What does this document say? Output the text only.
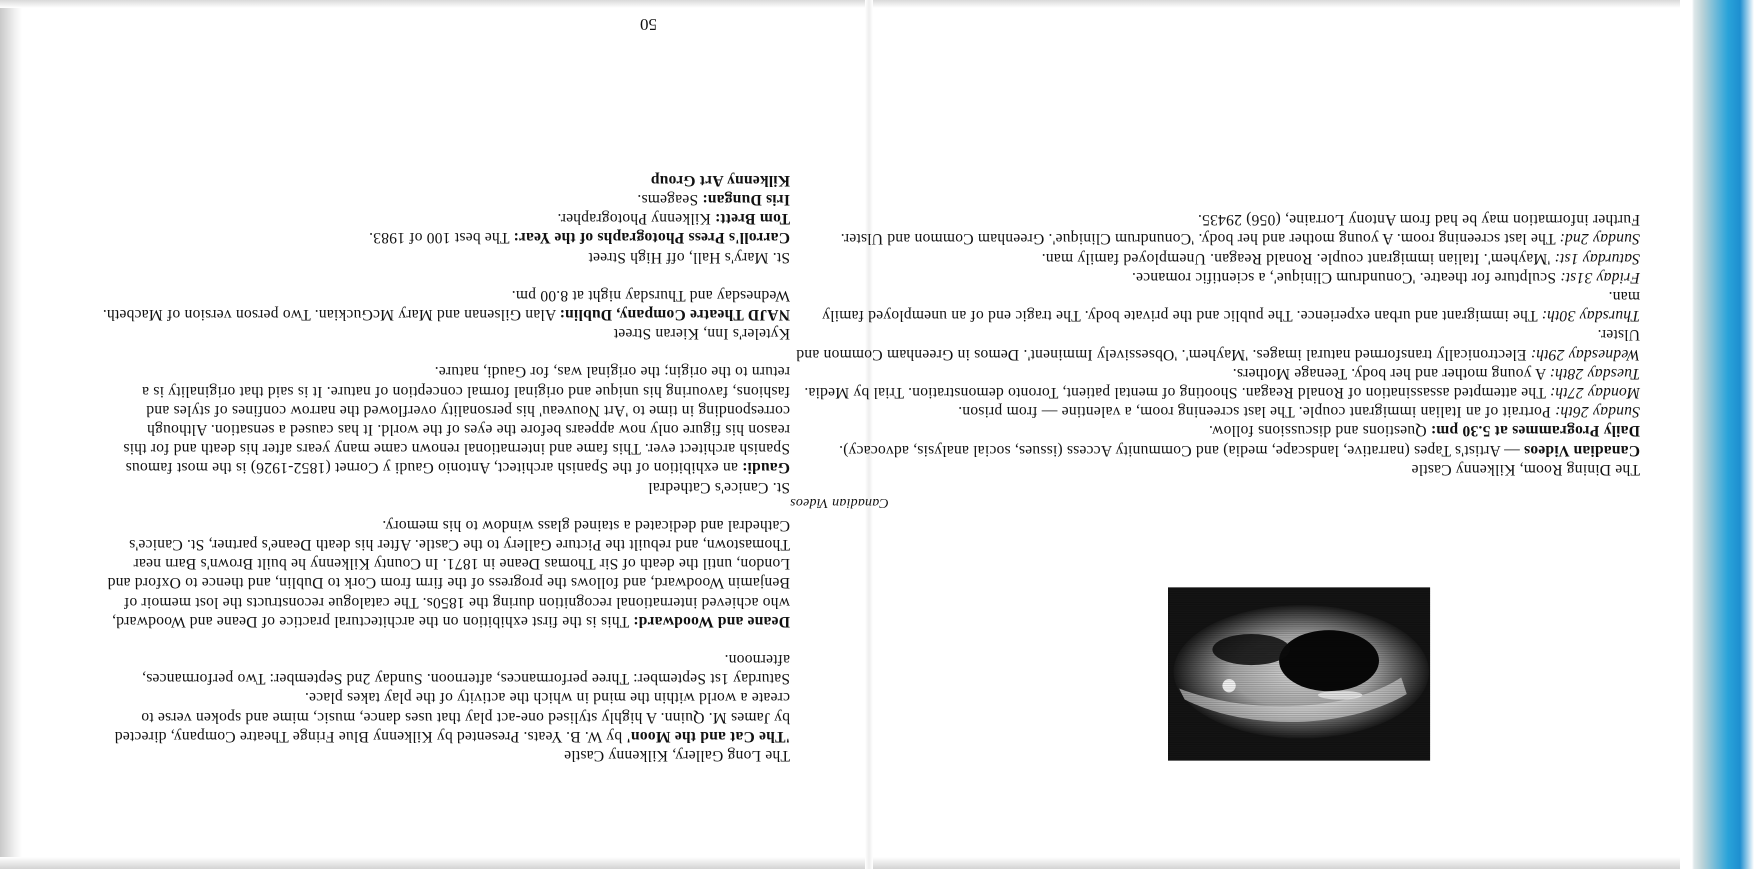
50

The Long Gallery, Kilkenny Castle
'The Cat and the Moon' by W. B. Yeats. Presented by Kilkenny Blue Fringe Theatre Company, directed by James M. Quinn. A highly stylised one-act play that uses dance, music, mime and spoken verse to create a world within the mind in which the activity of the play takes place.
Saturday 1st September: Three performances, afternoon. Sunday 2nd September: Two performances, afternoon.

Deane and Woodward: This is the first exhibition on the architectural practice of Deane and Woodward, who achieved international recognition during the 1850s. The catalogue reconstructs the lost memoir of Benjamin Woodward, and follows the progress of the firm from Cork to Dublin, and thence to Oxford and London, until the death of Sir Thomas Deane in 1871. In County Kilkenny he built Brown's Barn near Thomastown, and rebuilt the Picture Gallery to the Castle. After his death Deane's partner, St. Canice's Cathedral and dedicated a stained glass window to his memory.

St. Canice's Cathedral
Gaudi: an exhibition of the Spanish architect, Antonio Gaudi y Cornet (1852-1926) is the most famous Spanish architect ever. This fame and international renown came many years after his death and for this reason his figure only now appears before the eyes of the world. It has caused a sensation. Although corresponding in time to 'Art Nouveau' his personality overflowed the narrow confines of styles and fashions, favouring his unique and original formal conception of nature. It is said that originality is a return to the origin; the original was, for Gaudi, nature.

Kyteler's Inn, Kieran Street
NAJD Theatre Company, Dublin: Alan Gilsenan and Mary McGuckian. Two person version of Macbeth. Wednesday and Thursday night at 8.00 pm.

St. Mary's Hall, off High Street
Carroll's Press Photographs of the Year: The best 100 of 1983.
Tom Brett: Kilkenny Photographer.
Iris Dungan: Seagems.
Kilkenny Art Group

Canadian Videos

The Dining Room, Kilkenny Castle
Canadian Videos — Artist's Tapes (narrative, landscape, media) and Community Access (issues, social analysis, advocacy).
Daily Programmes at 5.30 pm: Questions and discussions follow.
Sunday 26th: Portrait of an Italian immigrant couple. The last screening room, a valentine — from prison.
Monday 27th: The attempted assassination of Ronald Reagan. Shooting of mental patient, Toronto demonstration. Trial by Media.
Tuesday 28th: A young mother and her body. Teenage Mothers.
Wednesday 29th: Electronically transformed natural images. 'Mayhem'. 'Obsessively Imminent'. Demos in Greenham Common and Ulster.
Thursday 30th: The immigrant and urban experience. The public and the private body. The tragic end of an unemployed family man.
Friday 31st: Sculpture for theatre. 'Conundrum Clinique', a scientific romance.
Saturday 1st: 'Mayhem'. Italian immigrant couple. Ronald Reagan. Unemployed family man.
Sunday 2nd: The last screening room. A young mother and her body. 'Conundrum Clinique'. Greenham Common and Ulster.
Further information may be had from Antony Lorraine, (056) 29435.
